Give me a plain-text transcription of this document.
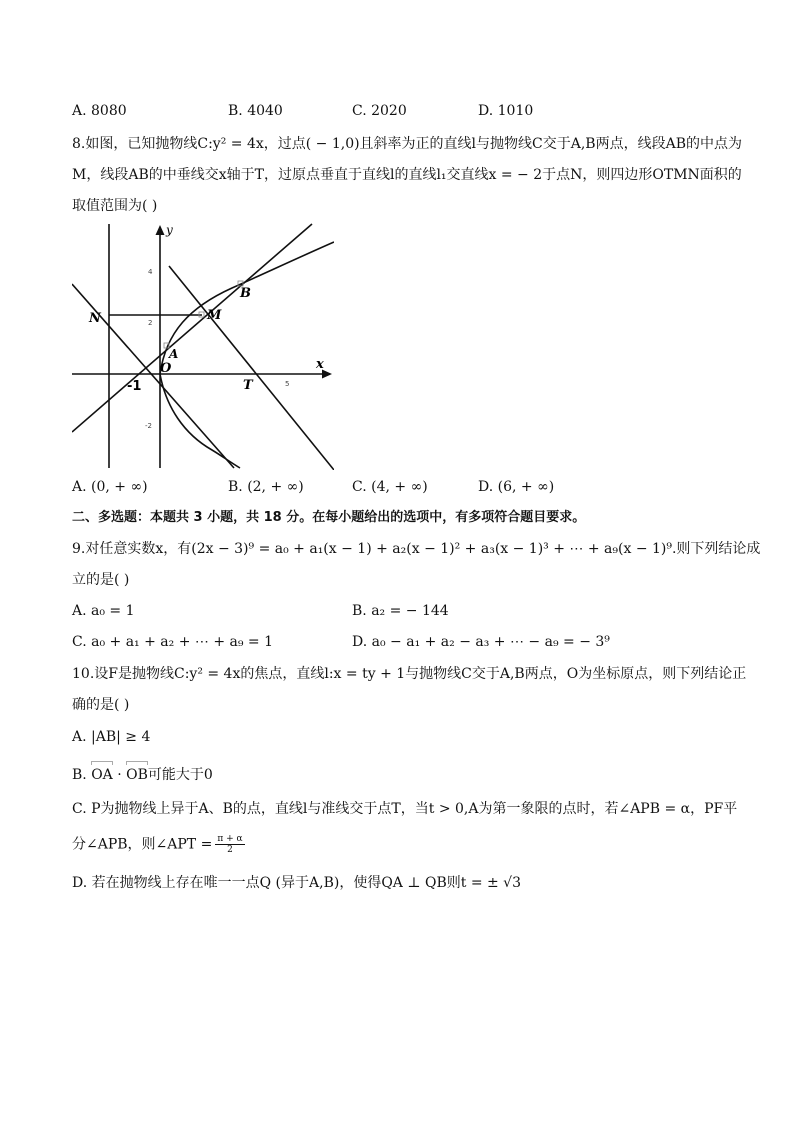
A. 8080	B. 4040	C. 2020	D. 1010
8.如图，已知抛物线C:y² = 4x，过点( − 1,0)且斜率为正的直线l与抛物线C交于A,B两点，线段AB的中点为
M，线段AB的中垂线交x轴于T，过原点垂直于直线l的直线l₁交直线x = − 2于点N，则四边形OTMN面积的
取值范围为( )
y
x
B
M
N
A
O
T
-1
4
2
-2
5
A. (0, + ∞)	B. (2, + ∞)	C. (4, + ∞)	D. (6, + ∞)
二、多选题：本题共 3 小题，共 18 分。在每小题给出的选项中，有多项符合题目要求。
9.对任意实数x，有(2x − 3)⁹ = a₀ + a₁(x − 1) + a₂(x − 1)² + a₃(x − 1)³ + ⋯ + a₉(x − 1)⁹.则下列结论成
立的是( )
A. a₀ = 1	B. a₂ = − 144
C. a₀ + a₁ + a₂ + ⋯ + a₉ = 1	D. a₀ − a₁ + a₂ − a₃ + ⋯ − a₉ = − 3⁹
10.设F是抛物线C:y² = 4x的焦点，直线l:x = ty + 1与抛物线C交于A,B两点，O为坐标原点，则下列结论正
确的是( )
A. |AB| ≥ 4
B. OA · OB可能大于0
C. P为抛物线上异于A、B的点，直线l与准线交于点T，当t > 0,A为第一象限的点时，若∠APB = α，PF平
分∠APB，则∠APT = $\frac{\pi + \alpha}{2}$
D. 若在抛物线上存在唯一一点Q (异于A,B)，使得QA ⊥ QB则t = ± √3
